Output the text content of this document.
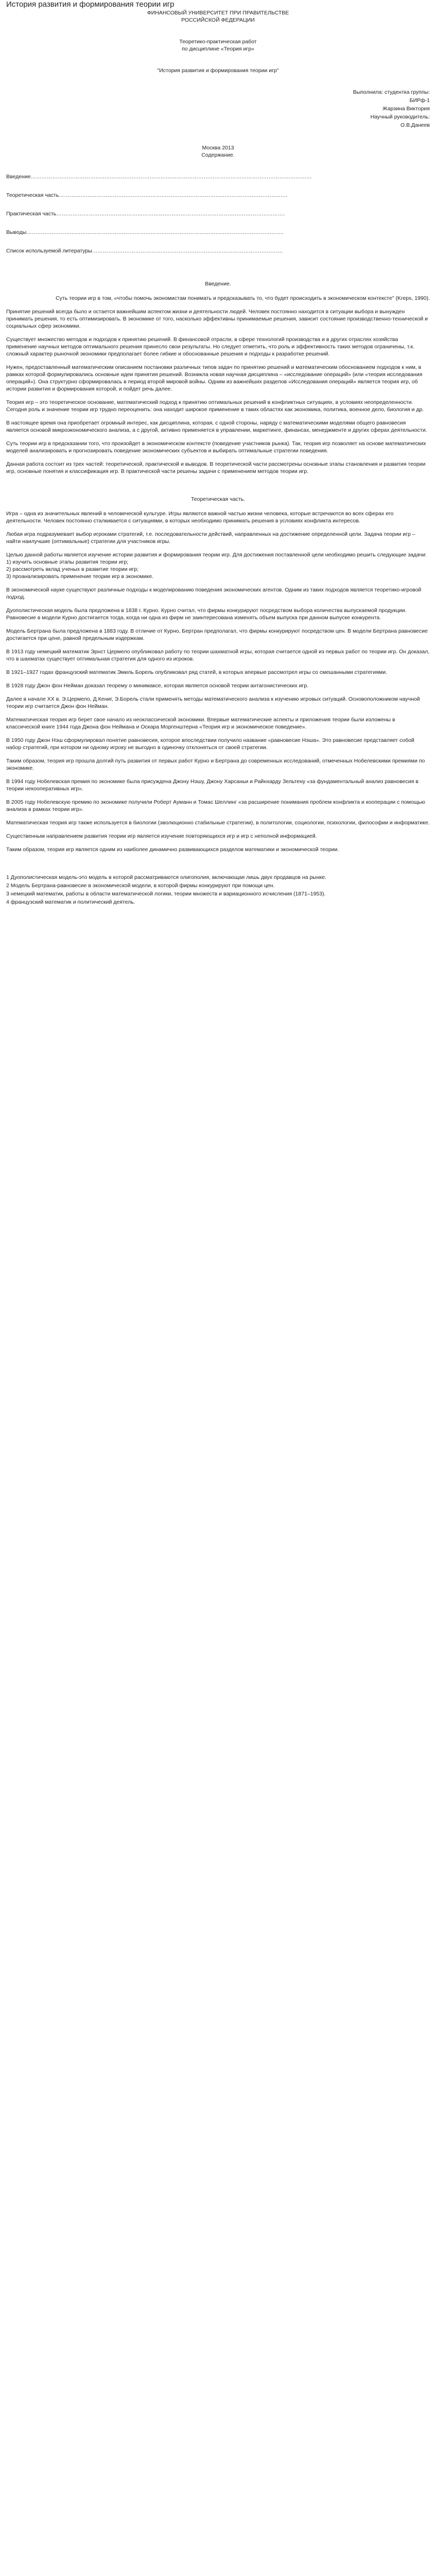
История развития и формирования теории игр

ФИНАНСОВЫЙ УНИВЕРСИТЕТ ПРИ ПРАВИТЕЛЬСТВЕ

РОССИЙСКОЙ ФЕДЕРАЦИИ

Теоретико-практическая работ

по дисциплине «Теория игр»

"История развития и формирования теории игр"

Выполнила: студентка группы:

БИРф-1

Жарзина Виктория

Научный руководитель:

О.В.Данеев

Москва 2013

Содержание.

Введение…………………………………………………………………………………………………………………………………………

Теоретическая часть……………………………………………………………………………………………………………….

Практическая часть……………………………………………………………………………………………………………….

Выводы……………………………………………………………………………………………………………………………..

Список используемой литературы…………………………………………………………………………………………….

Введение.

Суть теории игр в том, «чтобы помочь экономистам понимать и предсказывать то, что будет происходить в экономическом контексте" (Kreps, 1990).

Принятие решений всегда было и остается важнейшим аспектом жизни и деятельности людей. Человек постоянно находится в ситуации выбора и вынужден принимать решения, то есть оптимизировать. В экономике от того, насколько эффективны принимаемые решения, зависит состояние производственно-технической и социальных сфер экономики.

Существует множество методов и подходов к принятию решений. В финансовой отрасли, в сфере технологий производства и в других отраслях хозяйства применение научных методов оптимального решения принесло свои результаты. Но следует отметить, что роль и эффективность таких методов ограничены, т.к. сложный характер рыночной экономики предполагает более гибкие и обоснованные решения и подходы к разработке решений.

Нужен, предоставленный математическим описанием постановки различных типов задач по принятию решений и математическим обоснованием подходов к ним, в рамках которой формулировались основные идеи принятия решений. Возникла новая научная дисциплина – «исследование операций» (или «теория исследования операций»). Она структурно сформировалась в период второй мировой войны. Одним из важнейших разделов «Исследования операций» является теория игр, об истории развития и формирования которой, и пойдет речь далее.

Теория игр – это теоретическое основание, математический подход к принятию оптимальных решений в конфликтных ситуациях, в условиях неопределенности. Сегодня роль и значение теории игр трудно переоценить: она находит широкое применение в таких областях как экономика, политика, военное дело, биология и др.

В настоящее время она приобретает огромный интерес, как дисциплина, которая, с одной стороны, наряду с математическими моделями общего равновесия является основой микроэкономического анализа, а с другой, активно применяется в управлении, маркетинге, финансах, менеджменте и других сферах деятельности.

Суть теории игр в предсказании того, что произойдет в экономическом контексте (поведение участников рынка). Так, теория игр позволяет на основе математических моделей анализировать и прогнозировать поведение экономических субъектов и выбирать оптимальные стратегии поведения.

Данная работа состоит из трех частей: теоретической, практической и выводов. В теоретической части рассмотрены основные этапы становления и развития теории игр, основные понятия и классификация игр. В практической части решены задачи с применением методов теории игр.

Теоретическая часть.

Игра – одна из значительных явлений в человеческой культуре. Игры являются важной частью жизни человека, которые встречаются во всех сферах его деятельности. Человек постоянно сталкивается с ситуациями, в которых необходимо принимать решения в условиях конфликта интересов.

Любая игра подразумевает выбор игроками стратегий, т.е. последовательности действий, направленных на достижение определенной цели. Задача теории игр – найти наилучшие (оптимальные) стратегии для участников игры.

Целью данной работы является изучение истории развития и формирования теории игр. Для достижения поставленной цели необходимо решить следующие задачи:

1) изучить основные этапы развития теории игр;

2) рассмотреть вклад ученых в развитие теории игр;

3) проанализировать применение теории игр в экономике.

В экономической науке существуют различные подходы к моделированию поведения экономических агентов. Одним из таких подходов является теоретико-игровой подход.

Дуополистическая модель была предложена в 1838 г. Курно. Курно считал, что фирмы конкурируют посредством выбора количества выпускаемой продукции. Равновесие в модели Курно достигается тогда, когда ни одна из фирм не заинтересована изменять объем выпуска при данном выпуске конкурента.

Модель Бертрана была предложена в 1883 году. В отличие от Курно, Бертран предполагал, что фирмы конкурируют посредством цен. В модели Бертрана равновесие достигается при цене, равной предельным издержкам.

В 1913 году немецкий математик Эрнст Цермело опубликовал работу по теории шахматной игры, которая считается одной из первых работ по теории игр. Он доказал, что в шахматах существует оптимальная стратегия для одного из игроков.

В 1921–1927 годах французский математик Эмиль Борель опубликовал ряд статей, в которых впервые рассмотрел игры со смешанными стратегиями.

В 1928 году Джон фон Нейман доказал теорему о минимаксе, которая является основой теории антагонистических игр.

Далее в начале XX в. Э.Цермело, Д.Кениг, Э.Борель стали применять методы математического анализа к изучению игровых ситуаций. Основоположником научной теории игр считается Джон фон Нейман.

Математическая теория игр берет свое начало из неоклассической экономики. Впервые математические аспекты и приложения теории были изложены в классической книге 1944 года Джона фон Неймана и Оскара Моргенштерна «Теория игр и экономическое поведение».

В 1950 году Джон Нэш сформулировал понятие равновесия, которое впоследствии получило название «равновесие Нэша». Это равновесие представляет собой набор стратегий, при котором ни одному игроку не выгодно в одиночку отклоняться от своей стратегии.

Таким образом, теория игр прошла долгий путь развития от первых работ Курно и Бертрана до современных исследований, отмеченных Нобелевскими премиями по экономике.

В 1994 году Нобелевская премия по экономике была присуждена Джону Нэшу, Джону Харсаньи и Райнхарду Зельтену «за фундаментальный анализ равновесия в теории некооперативных игр».

В 2005 году Нобелевскую премию по экономике получили Роберт Ауманн и Томас Шеллинг «за расширение понимания проблем конфликта и кооперации с помощью анализа в рамках теории игр».

Математическая теория игр также используется в биологии (эволюционно стабильные стратегии), в политологии, социологии, психологии, философии и информатике.

Существенным направлением развития теории игр является изучение повторяющихся игр и игр с неполной информацией.

Таким образом, теория игр является одним из наиболее динамично развивающихся разделов математики и экономической теории.

1 Дуополистическая модель-это модель в которой рассматриваются олигополия, включающая лишь двух продавцов на рынке.

2 Модель Бертрана-равновесие в экономической модели, в которой фирмы конкурируют при помощи цен.

3 немецкий математик, работы в области математической логики, теории множеств и вариационного исчисления (1871–1953).

4 французский математик и политический деятель.
